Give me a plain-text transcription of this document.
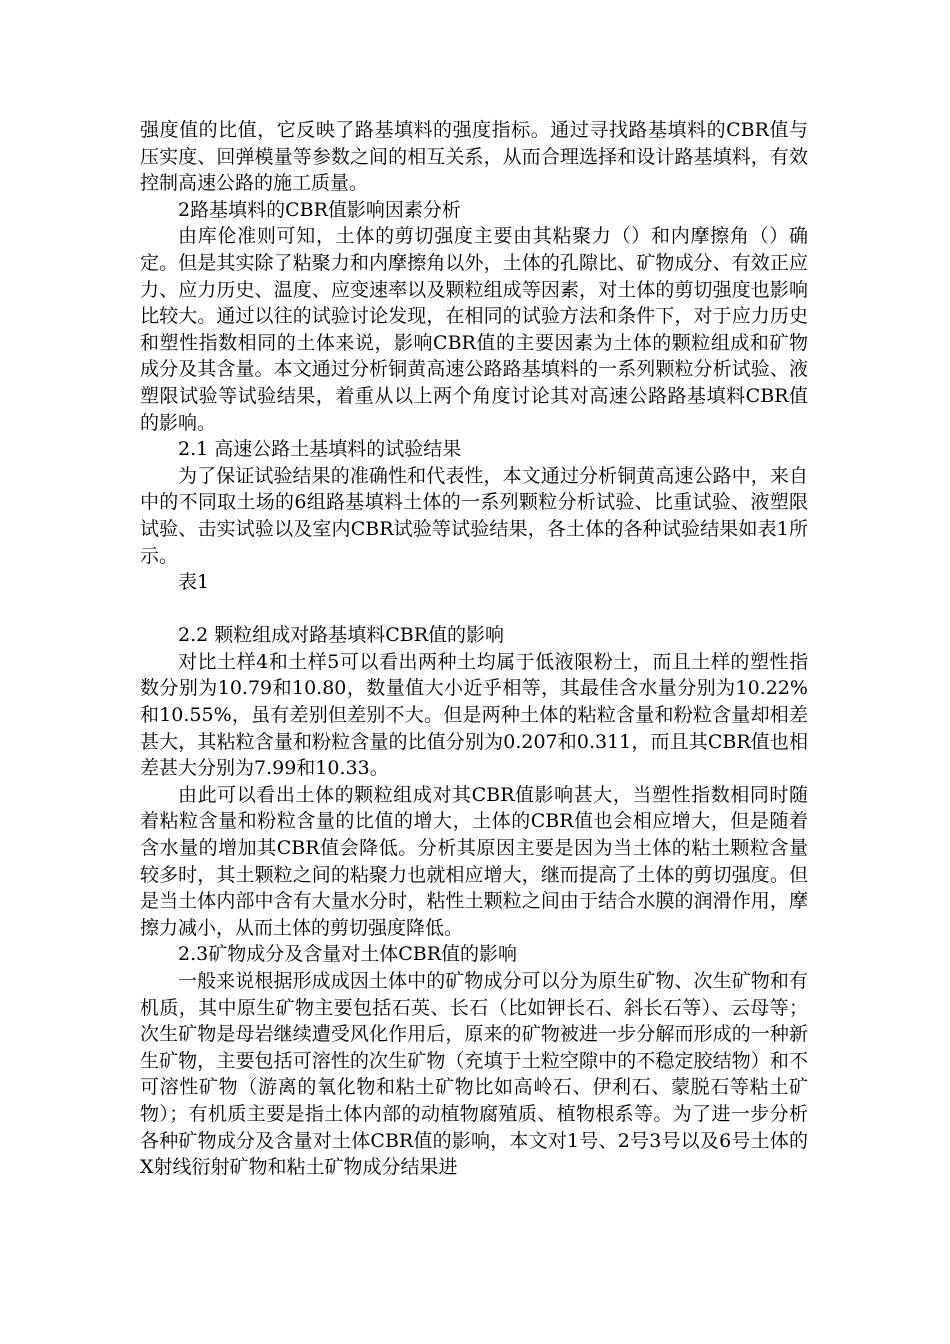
强度值的比值，它反映了路基填料的强度指标。通过寻找路基填料的CBR值与压实度、回弹模量等参数之间的相互关系，从而合理选择和设计路基填料，有效控制高速公路的施工质量。

2路基填料的CBR值影响因素分析

由库伦准则可知，土体的剪切强度主要由其粘聚力（）和内摩擦角（）确定。但是其实除了粘聚力和内摩擦角以外，土体的孔隙比、矿物成分、有效正应力、应力历史、温度、应变速率以及颗粒组成等因素，对土体的剪切强度也影响比较大。通过以往的试验讨论发现，在相同的试验方法和条件下，对于应力历史和塑性指数相同的土体来说，影响CBR值的主要因素为土体的颗粒组成和矿物成分及其含量。本文通过分析铜黄高速公路路基填料的一系列颗粒分析试验、液塑限试验等试验结果，着重从以上两个角度讨论其对高速公路路基填料CBR值的影响。

2.1 高速公路土基填料的试验结果

为了保证试验结果的准确性和代表性，本文通过分析铜黄高速公路中，来自中的不同取土场的6组路基填料土体的一系列颗粒分析试验、比重试验、液塑限试验、击实试验以及室内CBR试验等试验结果，各土体的各种试验结果如表1所示。

表1

2.2 颗粒组成对路基填料CBR值的影响

对比土样4和土样5可以看出两种土均属于低液限粉土，而且土样的塑性指数分别为10.79和10.80，数量值大小近乎相等，其最佳含水量分别为10.22%和10.55%，虽有差别但差别不大。但是两种土体的粘粒含量和粉粒含量却相差甚大，其粘粒含量和粉粒含量的比值分别为0.207和0.311，而且其CBR值也相差甚大分别为7.99和10.33。

由此可以看出土体的颗粒组成对其CBR值影响甚大，当塑性指数相同时随着粘粒含量和粉粒含量的比值的增大，土体的CBR值也会相应增大，但是随着含水量的增加其CBR值会降低。分析其原因主要是因为当土体的粘土颗粒含量较多时，其土颗粒之间的粘聚力也就相应增大，继而提高了土体的剪切强度。但是当土体内部中含有大量水分时，粘性土颗粒之间由于结合水膜的润滑作用，摩擦力减小，从而土体的剪切强度降低。

2.3矿物成分及含量对土体CBR值的影响

一般来说根据形成成因土体中的矿物成分可以分为原生矿物、次生矿物和有机质，其中原生矿物主要包括石英、长石（比如钾长石、斜长石等）、云母等；次生矿物是母岩继续遭受风化作用后，原来的矿物被进一步分解而形成的一种新生矿物，主要包括可溶性的次生矿物（充填于土粒空隙中的不稳定胶结物）和不可溶性矿物（游离的氧化物和粘土矿物比如高岭石、伊利石、蒙脱石等粘土矿物）；有机质主要是指土体内部的动植物腐殖质、植物根系等。为了进一步分析各种矿物成分及含量对土体CBR值的影响，本文对1号、2号3号以及6号土体的X射线衍射矿物和粘土矿物成分结果进
